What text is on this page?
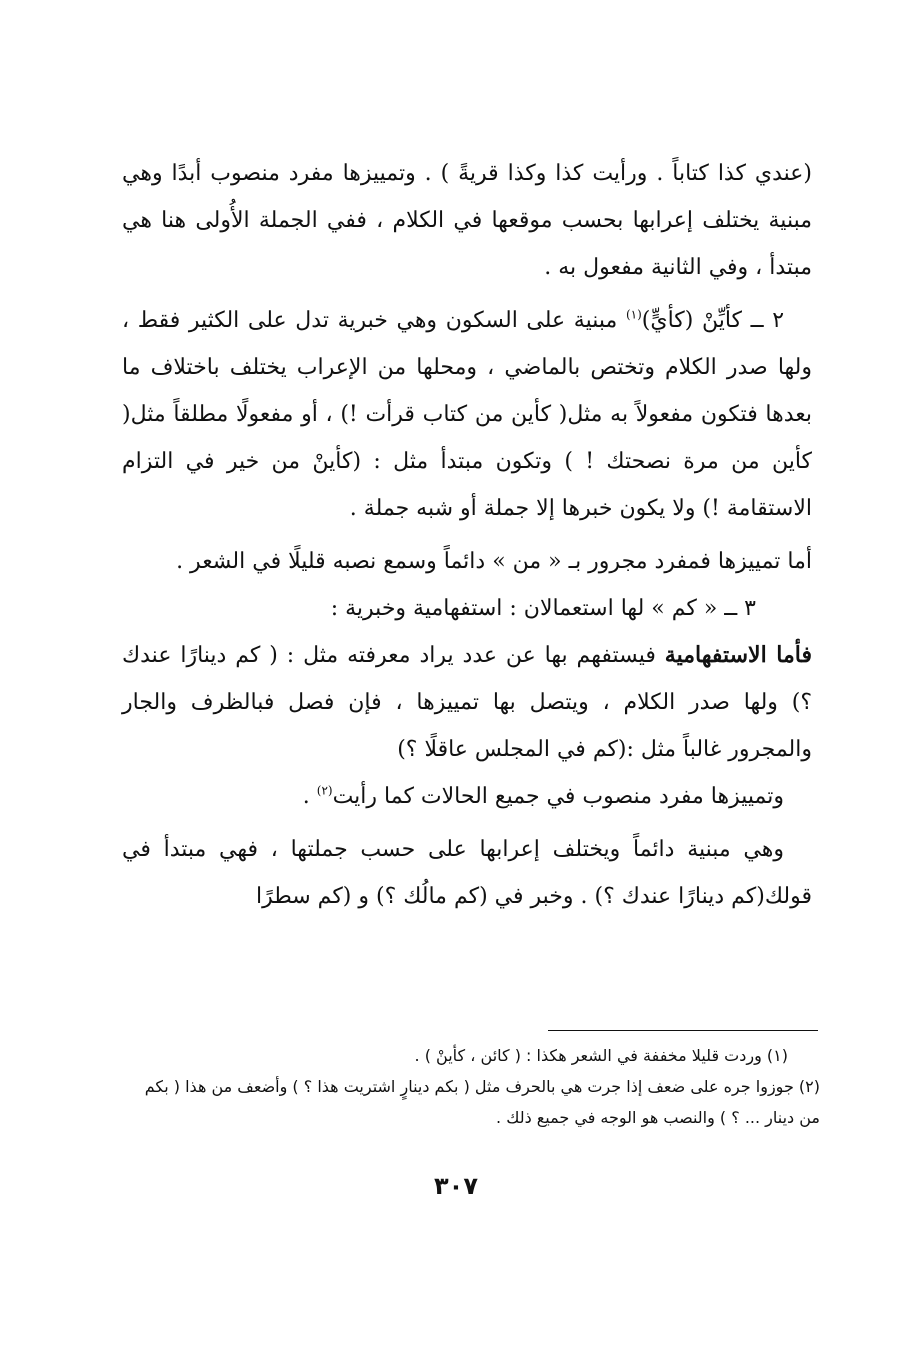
(عندي كذا كتاباً . ورأيت كذا وكذا قريةً ) . وتمييزها مفرد منصوب أبدًا وهي مبنية يختلف إعرابها بحسب موقعها في الكلام ، ففي الجملة الأُولى هنا هي مبتدأ ، وفي الثانية مفعول به .

٢ ــ كأيِّنْ (كأيٍّ)$^{(١)}$ مبنية على السكون وهي خبرية تدل على الكثير فقط ، ولها صدر الكلام وتختص بالماضي ، ومحلها من الإعراب يختلف باختلاف ما بعدها فتكون مفعولاً به مثل( كأين من كتاب قرأت !) ، أو مفعولًا مطلقاً مثل( كأين من مرة نصحتك ! ) وتكون مبتدأ مثل : (كأينْ من خير في التزام الاستقامة !) ولا يكون خبرها إلا جملة أو شبه جملة .

أما تمييزها فمفرد مجرور بـ « من » دائماً وسمع نصبه قليلًا في الشعر .

٣ ــ « كم » لها استعمالان : استفهامية وخبرية :

فأما الاستفهامية فيستفهم بها عن عدد يراد معرفته مثل : ( كم دينارًا عندك ؟) ولها صدر الكلام ، ويتصل بها تمييزها ، فإن فصل فبالظرف والجار والمجرور غالباً مثل :(كم في المجلس عاقلًا ؟)

وتمييزها مفرد منصوب في جميع الحالات كما رأيت$^{(٢)}$ .

وهي مبنية دائماً ويختلف إعرابها على حسب جملتها ، فهي مبتدأ في قولك(كم دينارًا عندك ؟) . وخبر في (كم مالُك ؟) و (كم سطرًا

(١) وردت قليلا مخففة في الشعر هكذا : ( كائن ، كأينْ ) .

(٢) جوزوا جره على ضعف إذا جرت هي بالحرف مثل ( بكم دينارٍ اشتريت هذا ؟ ) وأضعف من هذا ( بكم من دينار ... ؟ ) والنصب هو الوجه في جميع ذلك .

٣٠٧
